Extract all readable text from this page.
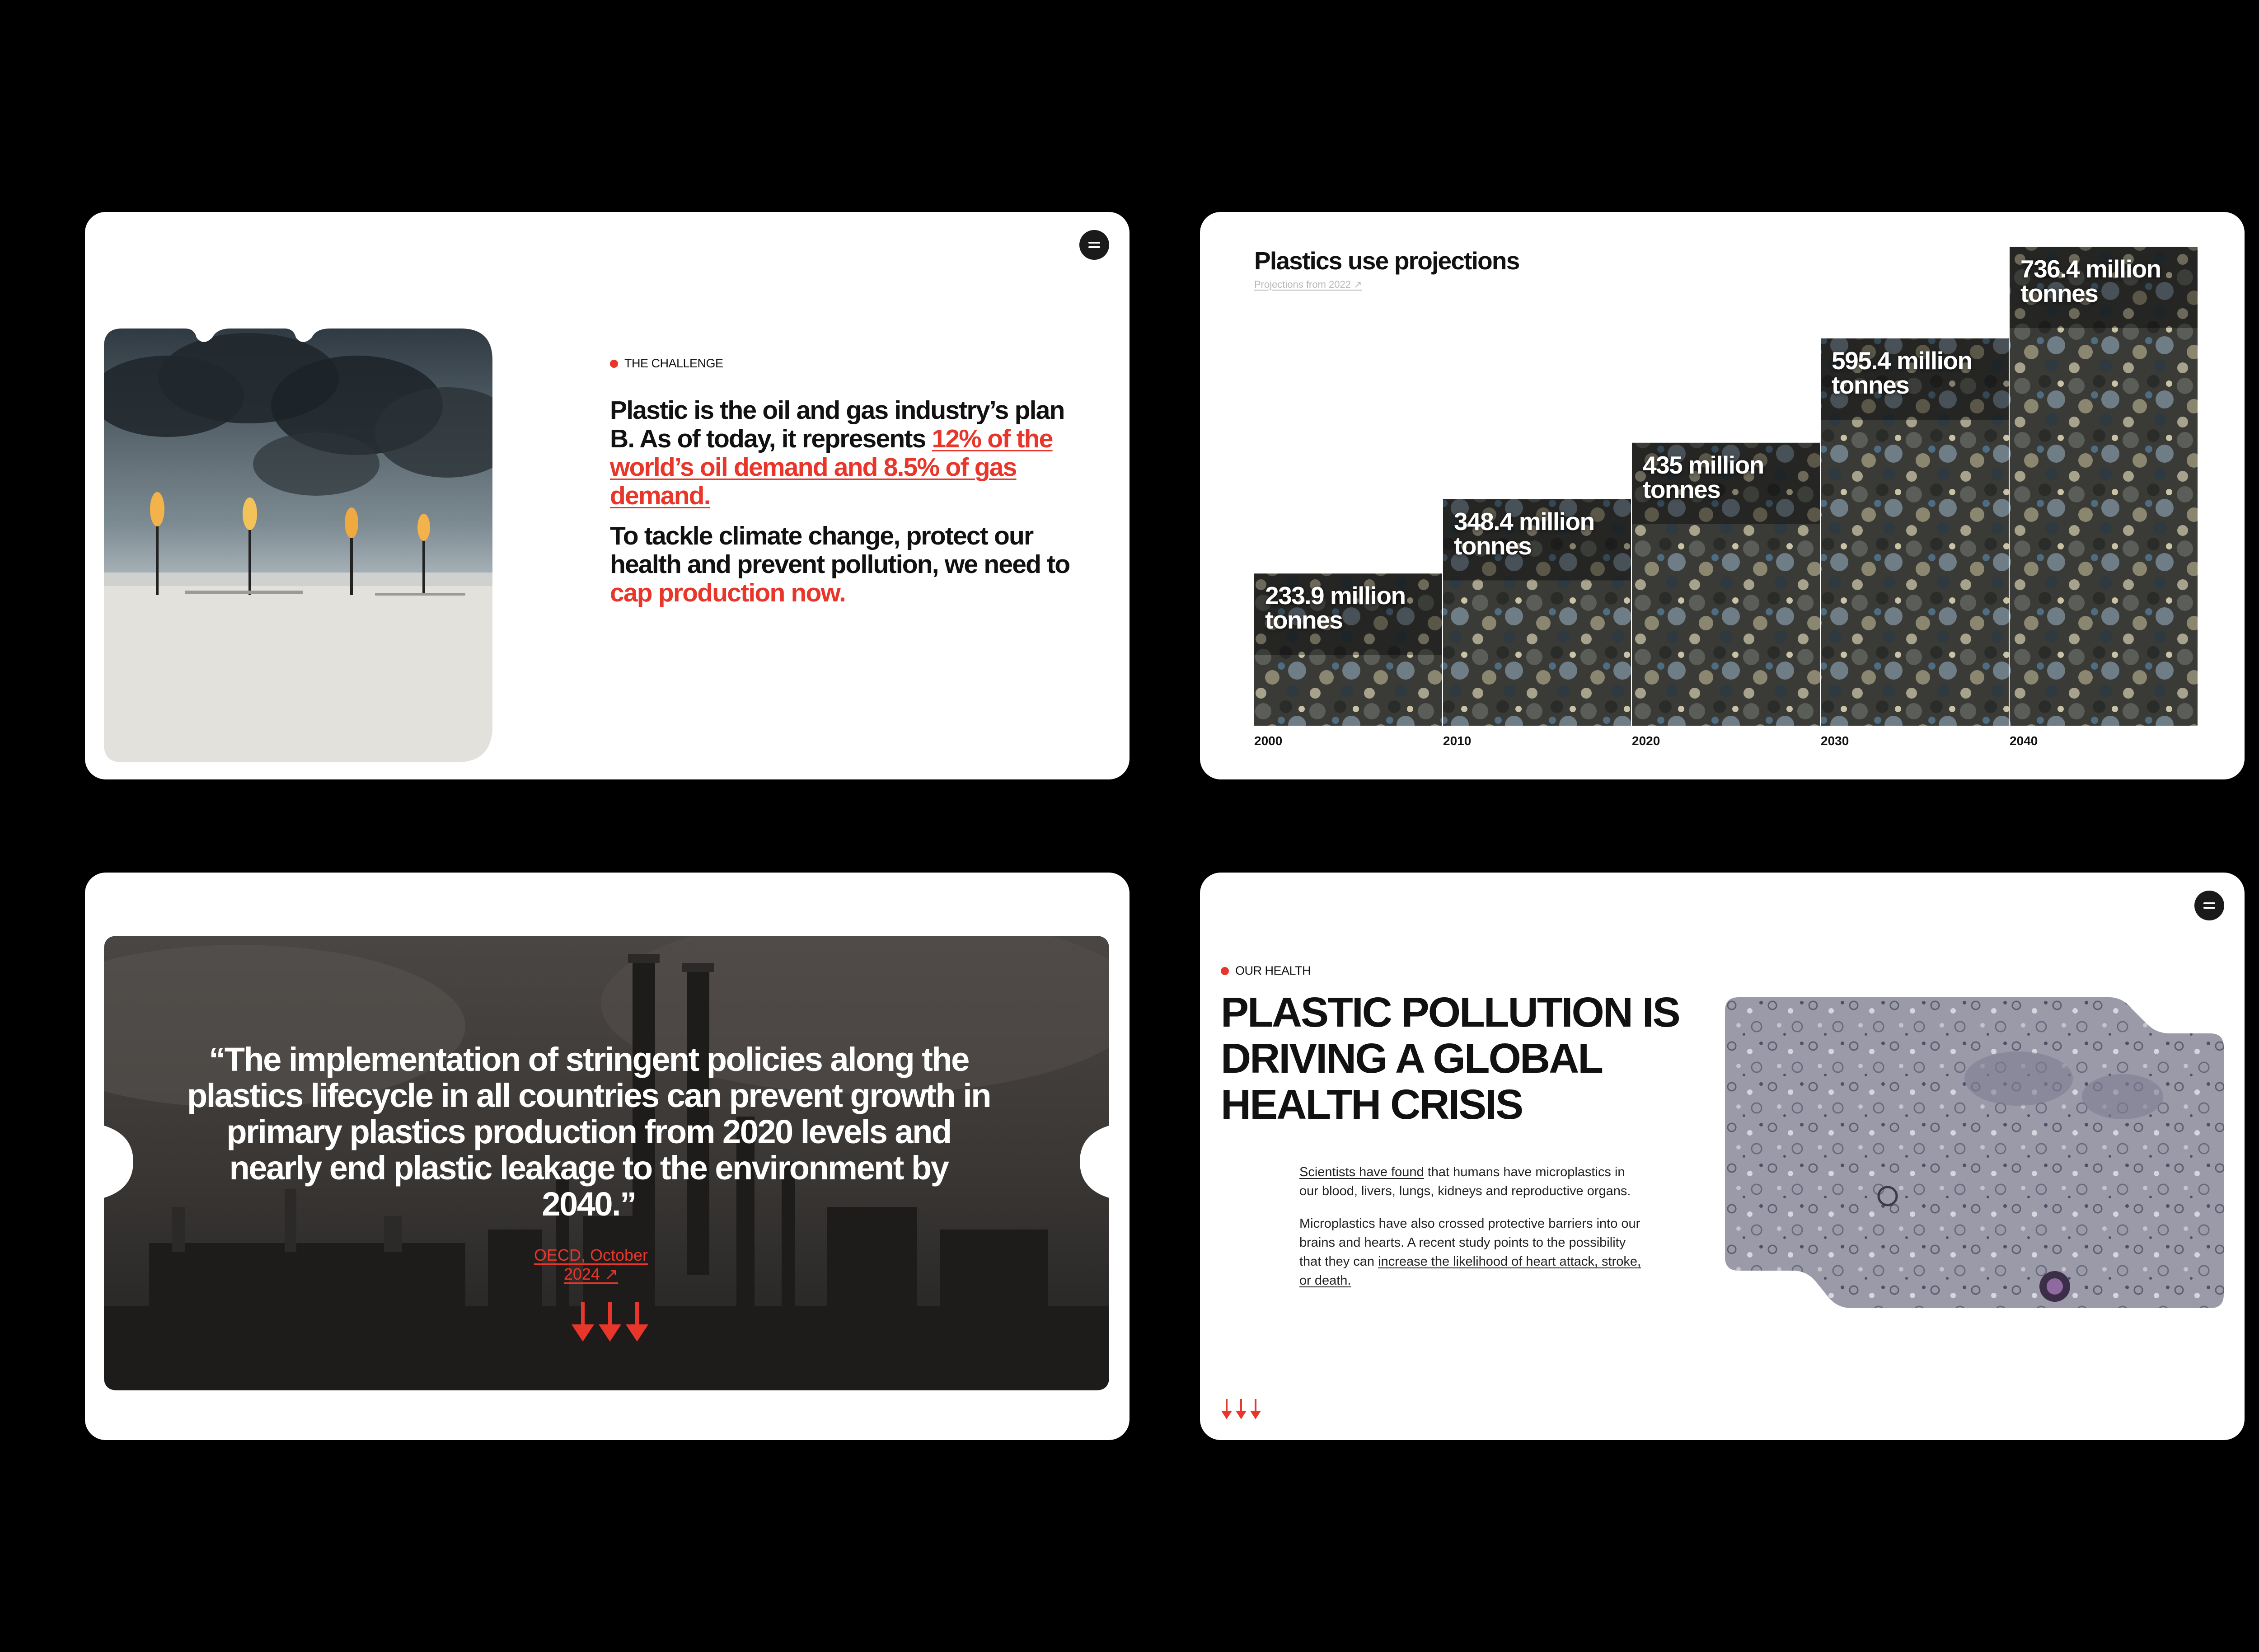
THE CHALLENGE

Plastic is the oil and gas industry’s plan B. As of today, it represents 12% of the world’s oil demand and 8.5% of gas demand.

To tackle climate change, protect our health and prevent pollution, we need to cap production now.

Plastics use projections
Projections from 2022 ↗
233.9 million
tonnes
2000
348.4 million
tonnes
2010
435 million
tonnes
2020
595.4 million
tonnes
2030
736.4 million
tonnes
2040
“The implementation of stringent policies along the plastics lifecycle in all countries can prevent growth in primary plastics production from 2020 levels and nearly end plastic leakage to the environment by 2040.”
OECD, October 2024 ↗
OUR HEALTH
PLASTIC POLLUTION IS DRIVING A GLOBAL HEALTH CRISIS

Scientists have found that humans have microplastics in our blood, livers, lungs, kidneys and reproductive organs.

Microplastics have also crossed protective barriers into our brains and hearts. A recent study points to the possibility that they can increase the likelihood of heart attack, stroke, or death.
